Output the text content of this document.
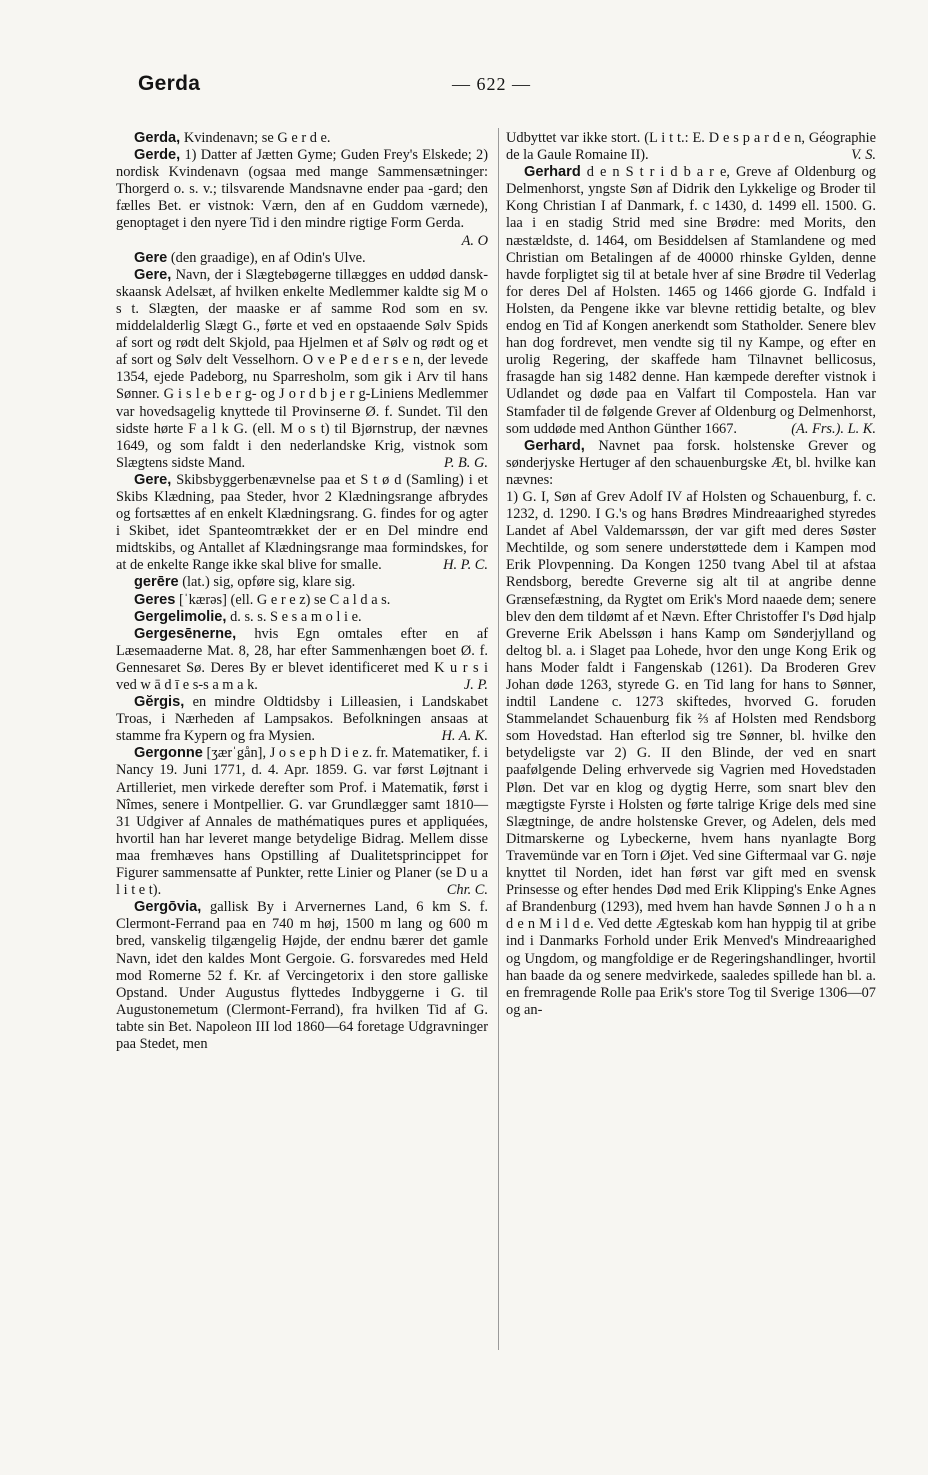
Gerda	— 622 —

Gerda, Kvindenavn; se G e r d e.

Gerde, 1) Datter af Jætten Gyme; Guden Frey's Elskede; 2) nordisk Kvindenavn (ogsaa med mange Sammensætninger: Thorgerd o. s. v.; tilsvarende Mandsnavne ender paa -gard; den fælles Bet. er vistnok: Værn, den af en Guddom værnede), genoptaget i den nyere Tid i den mindre rigtige Form Gerda.
A. O

Gere (den graadige), en af Odin's Ulve.

Gere, Navn, der i Slægtebøgerne tillægges en uddød dansk-skaansk Adelsæt, af hvilken enkelte Medlemmer kaldte sig M o s t. Slægten, der maaske er af samme Rod som en sv. middelalderlig Slægt G., førte et ved en opstaaende Sølv Spids af sort og rødt delt Skjold, paa Hjelmen et af Sølv og rødt og et af sort og Sølv delt Vesselhorn. O v e P e d e r s e n, der levede 1354, ejede Padeborg, nu Sparresholm, som gik i Arv til hans Sønner. G i s l e b e r g- og J o r d b j e r g-Liniens Medlemmer var hovedsagelig knyttede til Provinserne Ø. f. Sundet. Til den sidste hørte F a l k G. (ell. M o s t) til Bjørnstrup, der nævnes 1649, og som faldt i den nederlandske Krig, vistnok som Slægtens sidste Mand.	P. B. G.

Gere, Skibsbyggerbenævnelse paa et S t ø d (Samling) i et Skibs Klædning, paa Steder, hvor 2 Klædningsrange afbrydes og fortsættes af en enkelt Klædningsrang. G. findes for og agter i Skibet, idet Spanteomtrækket der er en Del mindre end midtskibs, og Antallet af Klædningsrange maa formindskes, for at de enkelte Range ikke skal blive for smalle.	H. P. C.

gerēre (lat.) sig, opføre sig, klare sig.

Geres [ˈkærəs] (ell. G e r e z) se C a l d a s.

Gergelimolie, d. s. s. S e s a m o l i e.

Gergesēnerne, hvis Egn omtales efter en af Læsemaaderne Mat. 8, 28, har efter Sammenhængen boet Ø. f. Gennesaret Sø. Deres By er blevet identificeret med K u r s i ved w ā d ī e s-s a m a k.	J. P.

Gĕrgis, en mindre Oldtidsby i Lilleasien, i Landskabet Troas, i Nærheden af Lampsakos. Befolkningen ansaas at stamme fra Kypern og fra Mysien.	H. A. K.

Gergonne [ʒærˈgån], J o s e p h D i e z. fr. Matematiker, f. i Nancy 19. Juni 1771, d. 4. Apr. 1859. G. var først Løjtnant i Artilleriet, men virkede derefter som Prof. i Matematik, først i Nîmes, senere i Montpellier. G. var Grundlægger samt 1810—31 Udgiver af Annales de mathématiques pures et appliquées, hvortil han har leveret mange betydelige Bidrag. Mellem disse maa fremhæves hans Opstilling af Dualitetsprincippet for Figurer sammensatte af Punkter, rette Linier og Planer (se D u a l i t e t).	Chr. C.

Gergōvia, gallisk By i Arvernernes Land, 6 km S. f. Clermont-Ferrand paa en 740 m høj, 1500 m lang og 600 m bred, vanskelig tilgængelig Højde, der endnu bærer det gamle Navn, idet den kaldes Mont Gergoie. G. forsvaredes med Held mod Romerne 52 f. Kr. af Vercingetorix i den store galliske Opstand. Under Augustus flyttedes Indbyggerne i G. til Augustonemetum (Clermont-Ferrand), fra hvilken Tid af G. tabte sin Bet. Napoleon III lod 1860—64 foretage Udgravninger paa Stedet, men

Udbyttet var ikke stort. (L i t t.: E. D e s p a r d e n, Géographie de la Gaule Romaine II).	V. S.

Gerhard d e n S t r i d b a r e, Greve af Oldenburg og Delmenhorst, yngste Søn af Didrik den Lykkelige og Broder til Kong Christian I af Danmark, f. c 1430, d. 1499 ell. 1500. G. laa i en stadig Strid med sine Brødre: med Morits, den næstældste, d. 1464, om Besiddelsen af Stamlandene og med Christian om Betalingen af de 40000 rhinske Gylden, denne havde forpligtet sig til at betale hver af sine Brødre til Vederlag for deres Del af Holsten. 1465 og 1466 gjorde G. Indfald i Holsten, da Pengene ikke var blevne rettidig betalte, og blev endog en Tid af Kongen anerkendt som Statholder. Senere blev han dog fordrevet, men vendte sig til ny Kampe, og efter en urolig Regering, der skaffede ham Tilnavnet bellicosus, frasagde han sig 1482 denne. Han kæmpede derefter vistnok i Udlandet og døde paa en Valfart til Compostela. Han var Stamfader til de følgende Grever af Oldenburg og Delmenhorst, som uddøde med Anthon Günther 1667.	(A. Frs.). L. K.

Gerhard, Navnet paa forsk. holstenske Grever og sønderjyske Hertuger af den schauenburgske Æt, bl. hvilke kan nævnes:

1) G. I, Søn af Grev Adolf IV af Holsten og Schauenburg, f. c. 1232, d. 1290. I G.'s og hans Brødres Mindreaarighed styredes Landet af Abel Valdemarssøn, der var gift med deres Søster Mechtilde, og som senere understøttede dem i Kampen mod Erik Plovpenning. Da Kongen 1250 tvang Abel til at afstaa Rendsborg, beredte Greverne sig alt til at angribe denne Grænsefæstning, da Rygtet om Erik's Mord naaede dem; senere blev den dem tildømt af et Nævn. Efter Christoffer I's Død hjalp Greverne Erik Abelssøn i hans Kamp om Sønderjylland og deltog bl. a. i Slaget paa Lohede, hvor den unge Kong Erik og hans Moder faldt i Fangenskab (1261). Da Broderen Grev Johan døde 1263, styrede G. en Tid lang for hans to Sønner, indtil Landene c. 1273 skiftedes, hvorved G. foruden Stammelandet Schauenburg fik ⅔ af Holsten med Rendsborg som Hovedstad. Han efterlod sig tre Sønner, bl. hvilke den betydeligste var 2) G. II den Blinde, der ved en snart paafølgende Deling erhvervede sig Vagrien med Hovedstaden Pløn. Det var en klog og dygtig Herre, som snart blev den mægtigste Fyrste i Holsten og førte talrige Krige dels med sine Slægtninge, de andre holstenske Grever, og Adelen, dels med Ditmarskerne og Lybeckerne, hvem hans nyanlagte Borg Travemünde var en Torn i Øjet. Ved sine Giftermaal var G. nøje knyttet til Norden, idet han først var gift med en svensk Prinsesse og efter hendes Død med Erik Klipping's Enke Agnes af Brandenburg (1293), med hvem han havde Sønnen J o h a n d e n M i l d e. Ved dette Ægteskab kom han hyppig til at gribe ind i Danmarks Forhold under Erik Menved's Mindreaarighed og Ungdom, og mangfoldige er de Regeringshandlinger, hvortil han baade da og senere medvirkede, saaledes spillede han bl. a. en fremragende Rolle paa Erik's store Tog til Sverige 1306—07 og an-
